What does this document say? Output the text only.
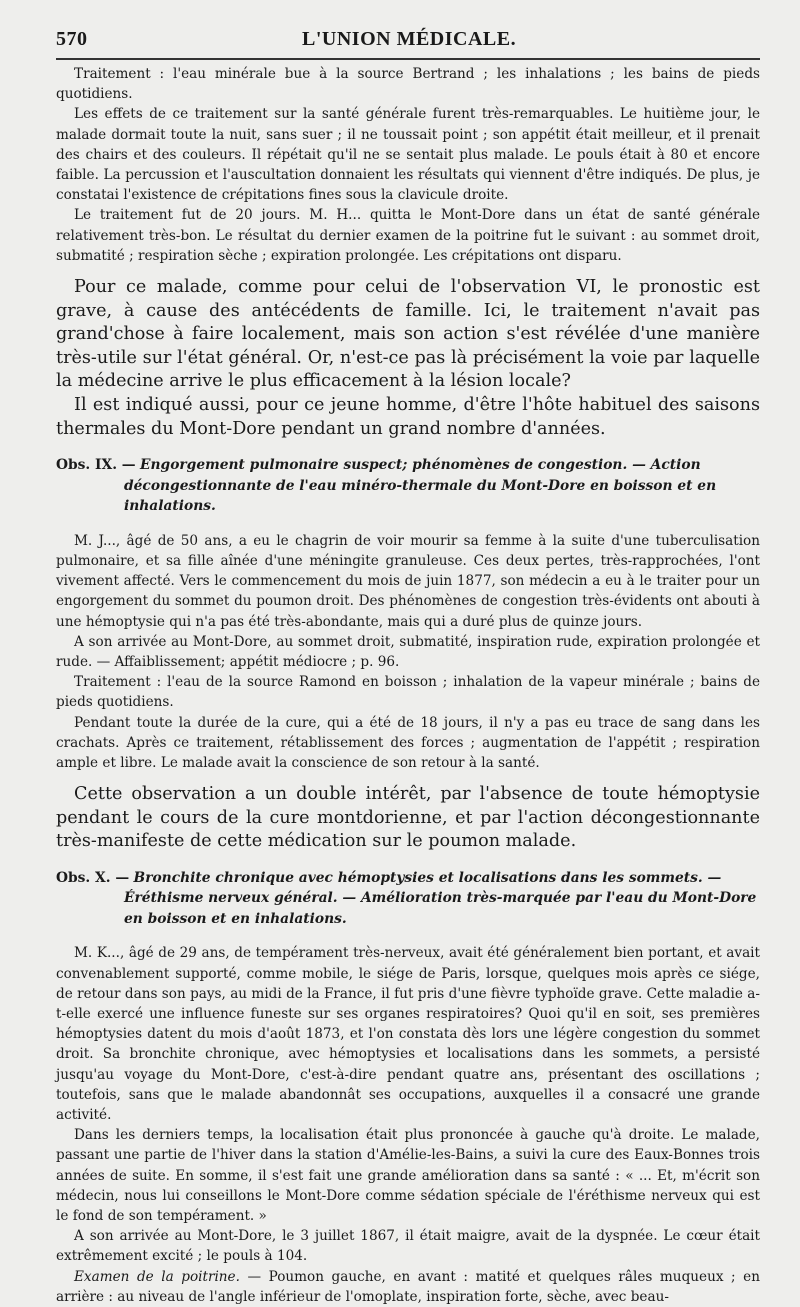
570	L'UNION MÉDICALE.

Traitement : l'eau minérale bue à la source Bertrand ; les inhalations ; les bains de pieds quotidiens.

Les effets de ce traitement sur la santé générale furent très-remarquables. Le huitième jour, le malade dormait toute la nuit, sans suer ; il ne toussait point ; son appétit était meilleur, et il prenait des chairs et des couleurs. Il répétait qu'il ne se sentait plus malade. Le pouls était à 80 et encore faible. La percussion et l'auscultation donnaient les résultats qui viennent d'être indiqués. De plus, je constatai l'existence de crépitations fines sous la clavicule droite.

Le traitement fut de 20 jours. M. H... quitta le Mont-Dore dans un état de santé générale relativement très-bon. Le résultat du dernier examen de la poitrine fut le suivant : au sommet droit, submatité ; respiration sèche ; expiration prolongée. Les crépitations ont disparu.

Pour ce malade, comme pour celui de l'observation VI, le pronostic est grave, à cause des antécédents de famille. Ici, le traitement n'avait pas grand'chose à faire localement, mais son action s'est révélée d'une manière très-utile sur l'état général. Or, n'est-ce pas là précisément la voie par laquelle la médecine arrive le plus efficacement à la lésion locale?

Il est indiqué aussi, pour ce jeune homme, d'être l'hôte habituel des saisons thermales du Mont-Dore pendant un grand nombre d'années.

Obs. IX. — Engorgement pulmonaire suspect; phénomènes de congestion. — Action décongestionnante de l'eau minéro-thermale du Mont-Dore en boisson et en inhalations.

M. J..., âgé de 50 ans, a eu le chagrin de voir mourir sa femme à la suite d'une tuberculisation pulmonaire, et sa fille aînée d'une méningite granuleuse. Ces deux pertes, très-rapprochées, l'ont vivement affecté. Vers le commencement du mois de juin 1877, son médecin a eu à le traiter pour un engorgement du sommet du poumon droit. Des phénomènes de congestion très-évidents ont abouti à une hémoptysie qui n'a pas été très-abondante, mais qui a duré plus de quinze jours.

A son arrivée au Mont-Dore, au sommet droit, submatité, inspiration rude, expiration prolongée et rude. — Affaiblissement; appétit médiocre ; p. 96.

Traitement : l'eau de la source Ramond en boisson ; inhalation de la vapeur minérale ; bains de pieds quotidiens.

Pendant toute la durée de la cure, qui a été de 18 jours, il n'y a pas eu trace de sang dans les crachats. Après ce traitement, rétablissement des forces ; augmentation de l'appétit ; respiration ample et libre. Le malade avait la conscience de son retour à la santé.

Cette observation a un double intérêt, par l'absence de toute hémoptysie pendant le cours de la cure montdorienne, et par l'action décongestionnante très-manifeste de cette médication sur le poumon malade.

Obs. X. — Bronchite chronique avec hémoptysies et localisations dans les sommets. — Éréthisme nerveux général. — Amélioration très-marquée par l'eau du Mont-Dore en boisson et en inhalations.

M. K..., âgé de 29 ans, de tempérament très-nerveux, avait été généralement bien portant, et avait convenablement supporté, comme mobile, le siége de Paris, lorsque, quelques mois après ce siége, de retour dans son pays, au midi de la France, il fut pris d'une fièvre typhoïde grave. Cette maladie a-t-elle exercé une influence funeste sur ses organes respiratoires? Quoi qu'il en soit, ses premières hémoptysies datent du mois d'août 1873, et l'on constata dès lors une légère congestion du sommet droit. Sa bronchite chronique, avec hémoptysies et localisations dans les sommets, a persisté jusqu'au voyage du Mont-Dore, c'est-à-dire pendant quatre ans, présentant des oscillations ; toutefois, sans que le malade abandonnât ses occupations, auxquelles il a consacré une grande activité.

Dans les derniers temps, la localisation était plus prononcée à gauche qu'à droite. Le malade, passant une partie de l'hiver dans la station d'Amélie-les-Bains, a suivi la cure des Eaux-Bonnes trois années de suite. En somme, il s'est fait une grande amélioration dans sa santé : « ... Et, m'écrit son médecin, nous lui conseillons le Mont-Dore comme sédation spéciale de l'éréthisme nerveux qui est le fond de son tempérament. »

A son arrivée au Mont-Dore, le 3 juillet 1867, il était maigre, avait de la dyspnée. Le cœur était extrêmement excité ; le pouls à 104.

Examen de la poitrine. — Poumon gauche, en avant : matité et quelques râles muqueux ; en arrière : au niveau de l'angle inférieur de l'omoplate, inspiration forte, sèche, avec beau-
